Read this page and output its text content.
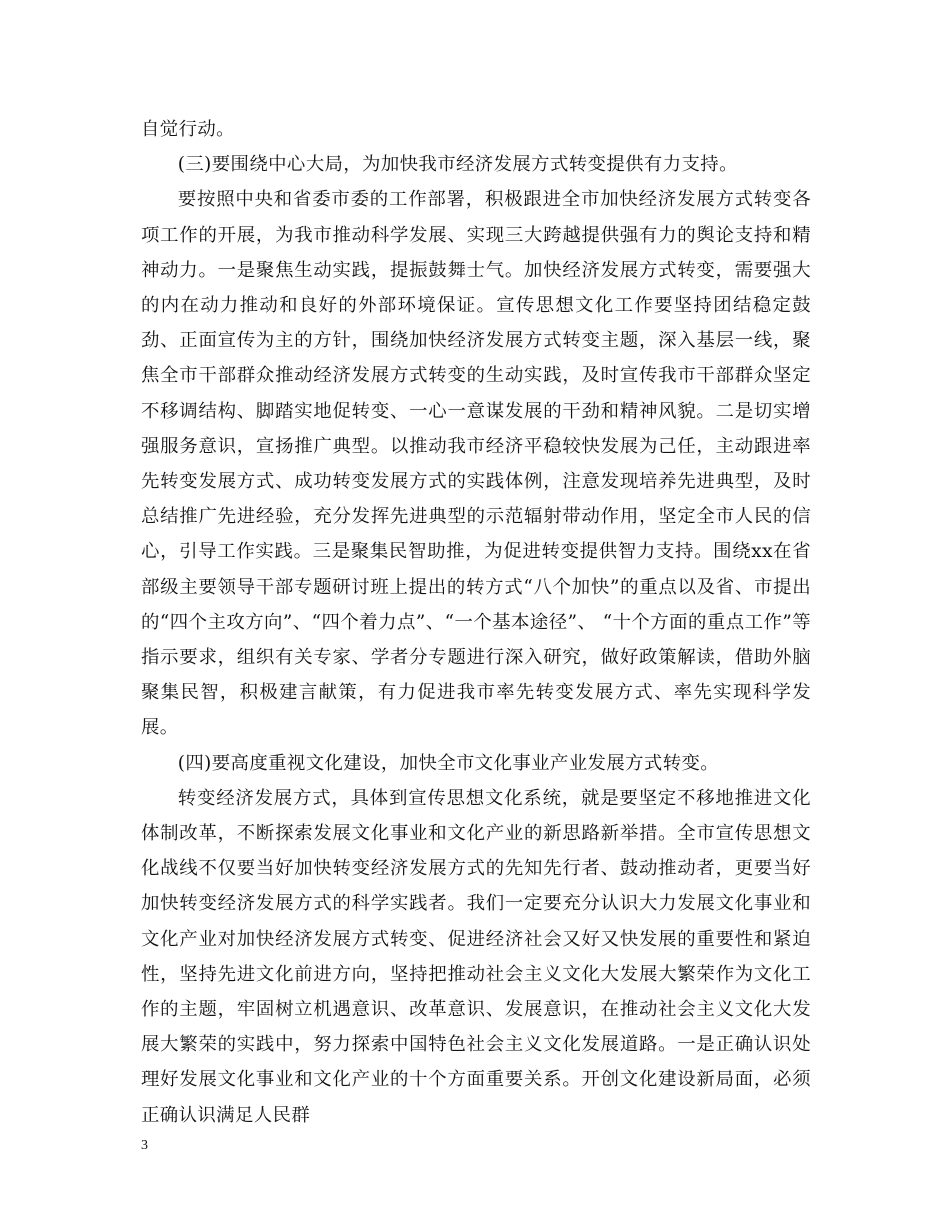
自觉行动。

(三)要围绕中心大局，为加快我市经济发展方式转变提供有力支持。

要按照中央和省委市委的工作部署，积极跟进全市加快经济发展方式转变各项工作的开展，为我市推动科学发展、实现三大跨越提供强有力的舆论支持和精神动力。一是聚焦生动实践，提振鼓舞士气。加快经济发展方式转变，需要强大的内在动力推动和良好的外部环境保证。宣传思想文化工作要坚持团结稳定鼓劲、正面宣传为主的方针，围绕加快经济发展方式转变主题，深入基层一线，聚焦全市干部群众推动经济发展方式转变的生动实践，及时宣传我市干部群众坚定不移调结构、脚踏实地促转变、一心一意谋发展的干劲和精神风貌。二是切实增强服务意识，宣扬推广典型。以推动我市经济平稳较快发展为己任，主动跟进率先转变发展方式、成功转变发展方式的实践体例，注意发现培养先进典型，及时总结推广先进经验，充分发挥先进典型的示范辐射带动作用，坚定全市人民的信心，引导工作实践。三是聚集民智助推，为促进转变提供智力支持。围绕xx在省部级主要领导干部专题研讨班上提出的转方式“八个加快”的重点以及省、市提出的“四个主攻方向”、“四个着力点”、“一个基本途径”、 “十个方面的重点工作”等指示要求，组织有关专家、学者分专题进行深入研究，做好政策解读，借助外脑聚集民智，积极建言献策，有力促进我市率先转变发展方式、率先实现科学发展。

(四)要高度重视文化建设，加快全市文化事业产业发展方式转变。

转变经济发展方式，具体到宣传思想文化系统，就是要坚定不移地推进文化体制改革，不断探索发展文化事业和文化产业的新思路新举措。全市宣传思想文化战线不仅要当好加快转变经济发展方式的先知先行者、鼓动推动者，更要当好加快转变经济发展方式的科学实践者。我们一定要充分认识大力发展文化事业和文化产业对加快经济发展方式转变、促进经济社会又好又快发展的重要性和紧迫性，坚持先进文化前进方向，坚持把推动社会主义文化大发展大繁荣作为文化工作的主题，牢固树立机遇意识、改革意识、发展意识，在推动社会主义文化大发展大繁荣的实践中，努力探索中国特色社会主义文化发展道路。一是正确认识处理好发展文化事业和文化产业的十个方面重要关系。开创文化建设新局面，必须正确认识满足人民群

3
